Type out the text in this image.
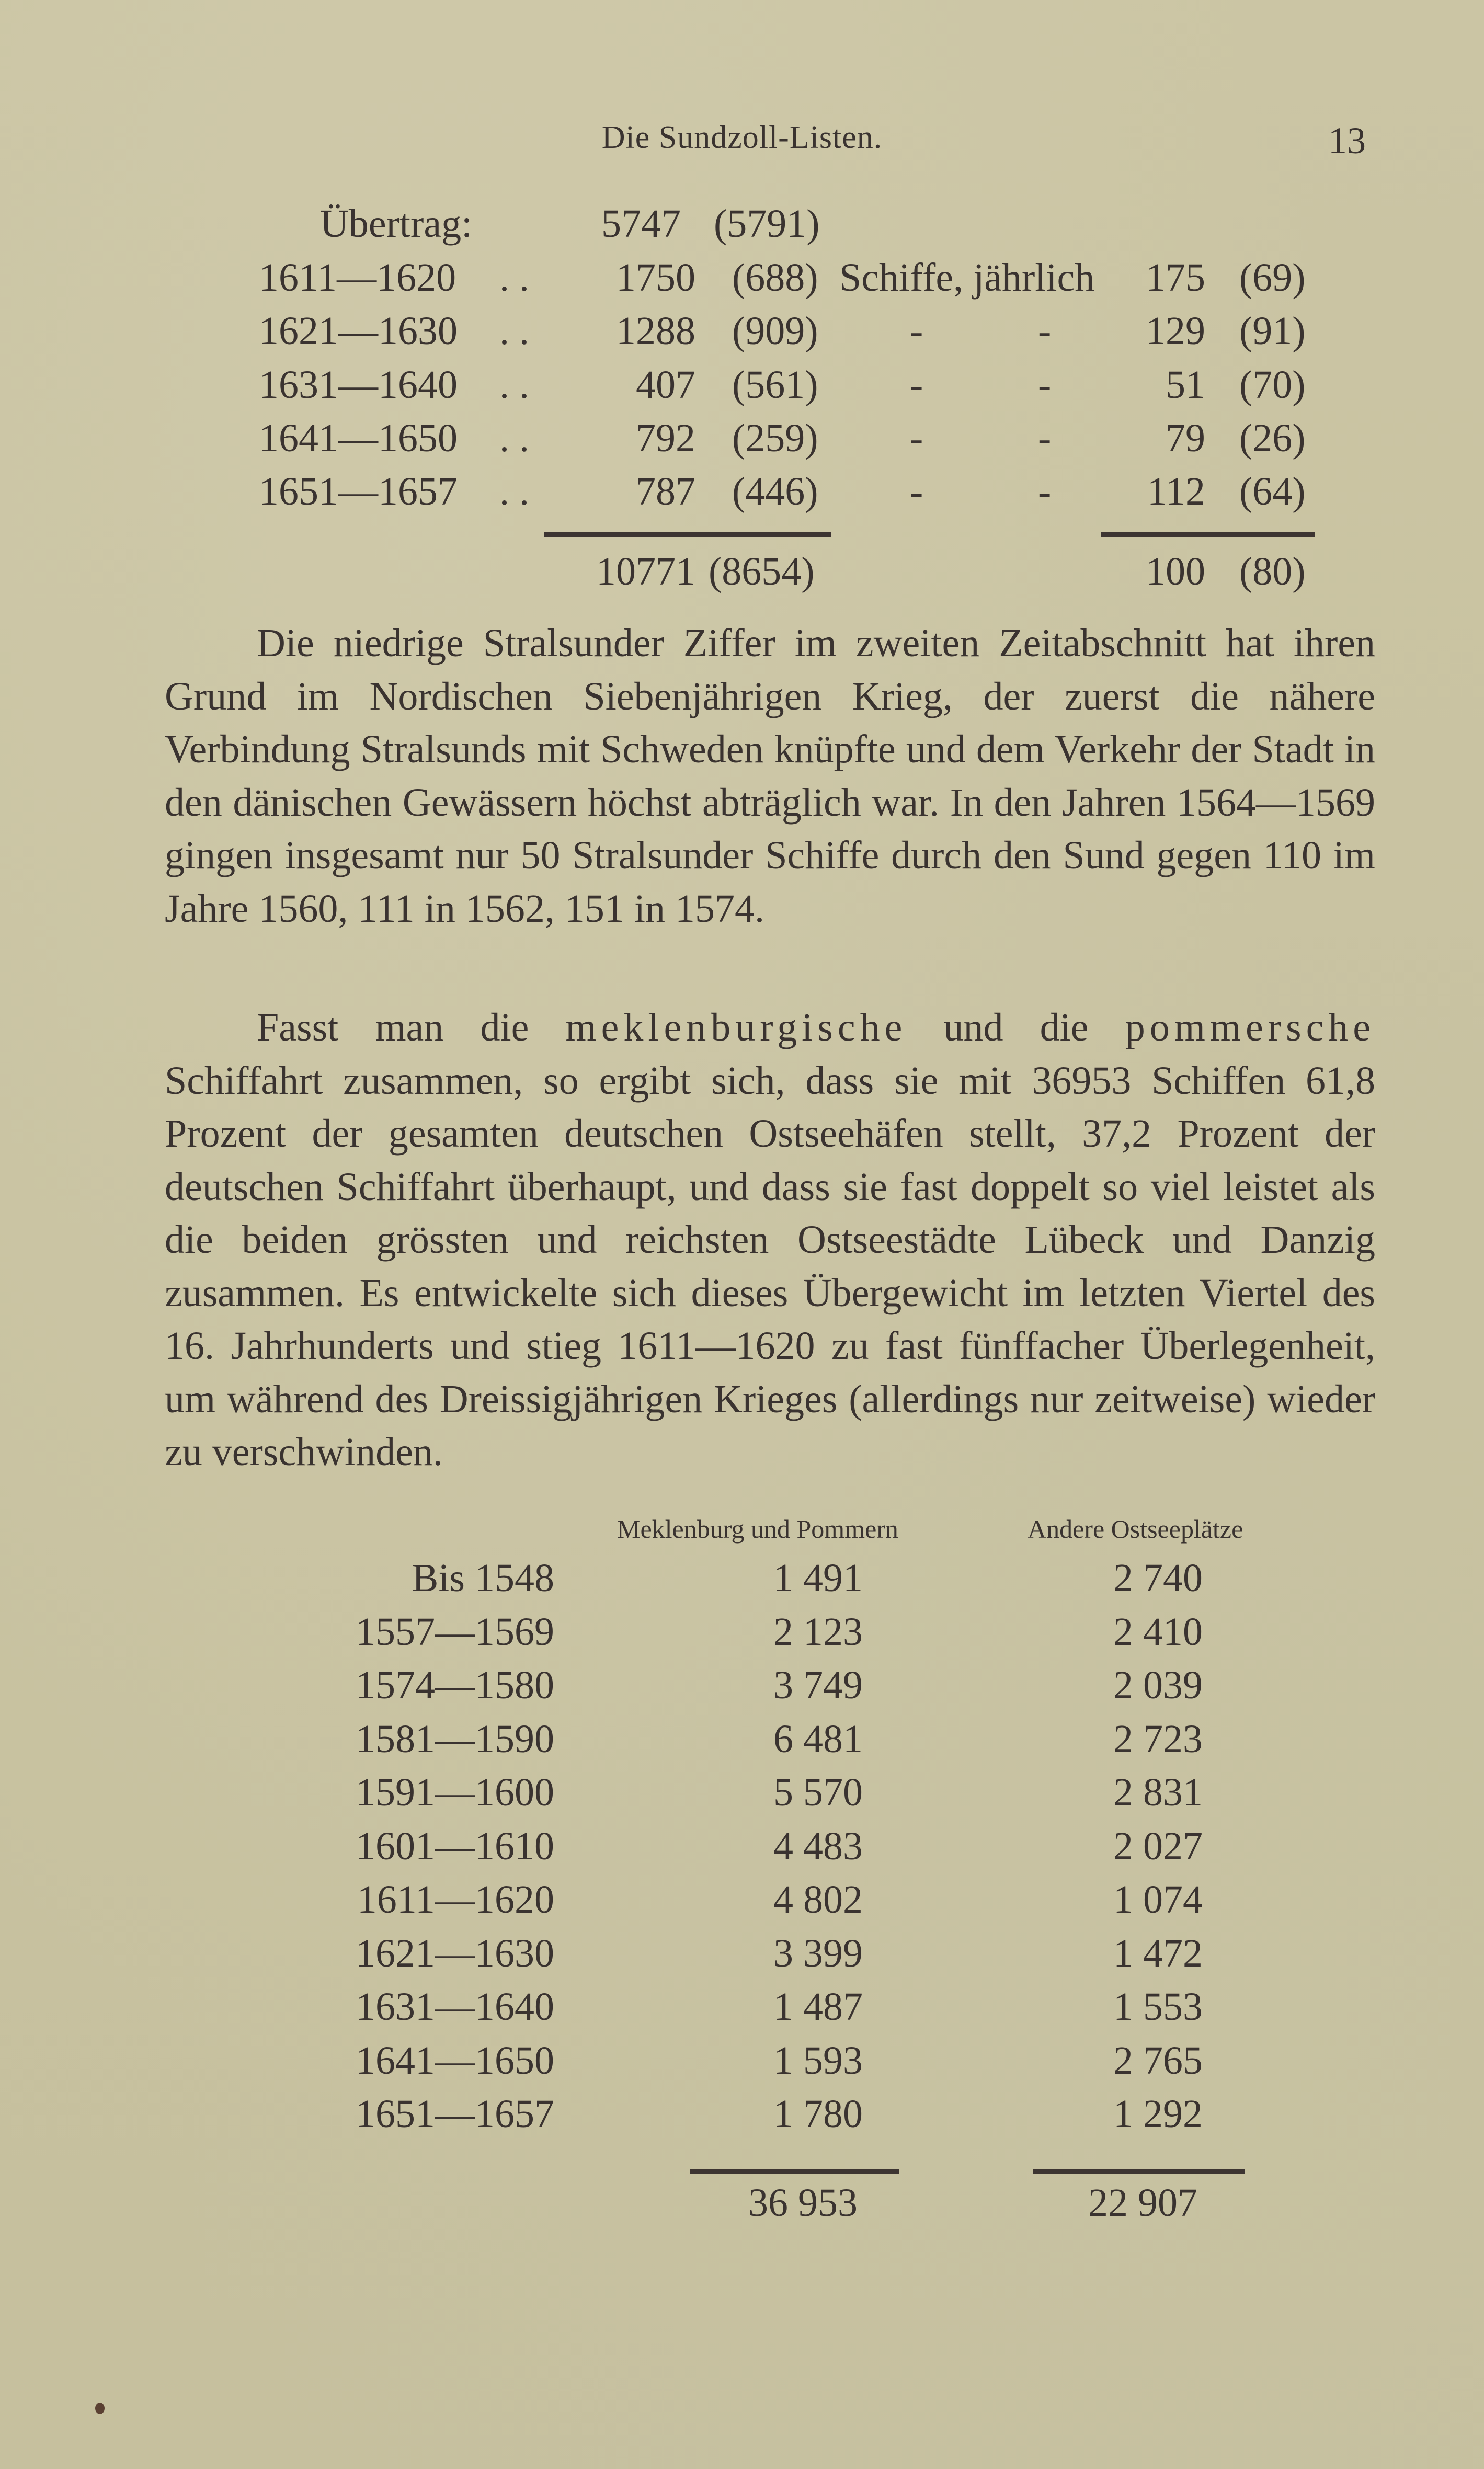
Die Sundzoll-Listen.	13
Übertrag:	5747 (5791)
1611—1620 . .	1750 (688) Schiffe, jährlich	175 (69)
1621—1630 . .	1288 (909) -	-	129 (91)
1631—1640 . .	407 (561) -	-	51 (70)
1641—1650 . .	792 (259) -	-	79 (26)
1651—1657 . .	787 (446) -	-	112 (64)
10771 (8654)	100 (80)
Die niedrige Stralsunder Ziffer im zweiten Zeitabschnitt hat ihren Grund im Nordischen Siebenjährigen Krieg, der zuerst die nähere Verbindung Stralsunds mit Schweden knüpfte und dem Verkehr der Stadt in den dänischen Gewässern höchst abträglich war. In den Jahren 1564—1569 gingen insgesamt nur 50 Stralsunder Schiffe durch den Sund gegen 110 im Jahre 1560, 111 in 1562, 151 in 1574.
Fasst man die meklenburgische und die pommersche Schiffahrt zusammen, so ergibt sich, dass sie mit 36953 Schiffen 61,8 Prozent der gesamten deutschen Ostseehäfen stellt, 37,2 Prozent der deutschen Schiffahrt überhaupt, und dass sie fast doppelt so viel leistet als die beiden grössten und reichsten Ostseestädte Lübeck und Danzig zusammen. Es entwickelte sich dieses Übergewicht im letzten Viertel des 16. Jahrhunderts und stieg 1611—1620 zu fast fünffacher Überlegenheit, um während des Dreissigjährigen Krieges (allerdings nur zeitweise) wieder zu verschwinden.
Meklenburg und Pommern	Andere Ostseeplätze
Bis 1548	1 491	2 740
1557—1569	2 123	2 410
1574—1580	3 749	2 039
1581—1590	6 481	2 723
1591—1600	5 570	2 831
1601—1610	4 483	2 027
1611—1620	4 802	1 074
1621—1630	3 399	1 472
1631—1640	1 487	1 553
1641—1650	1 593	2 765
1651—1657	1 780	1 292
36 953	22 907
